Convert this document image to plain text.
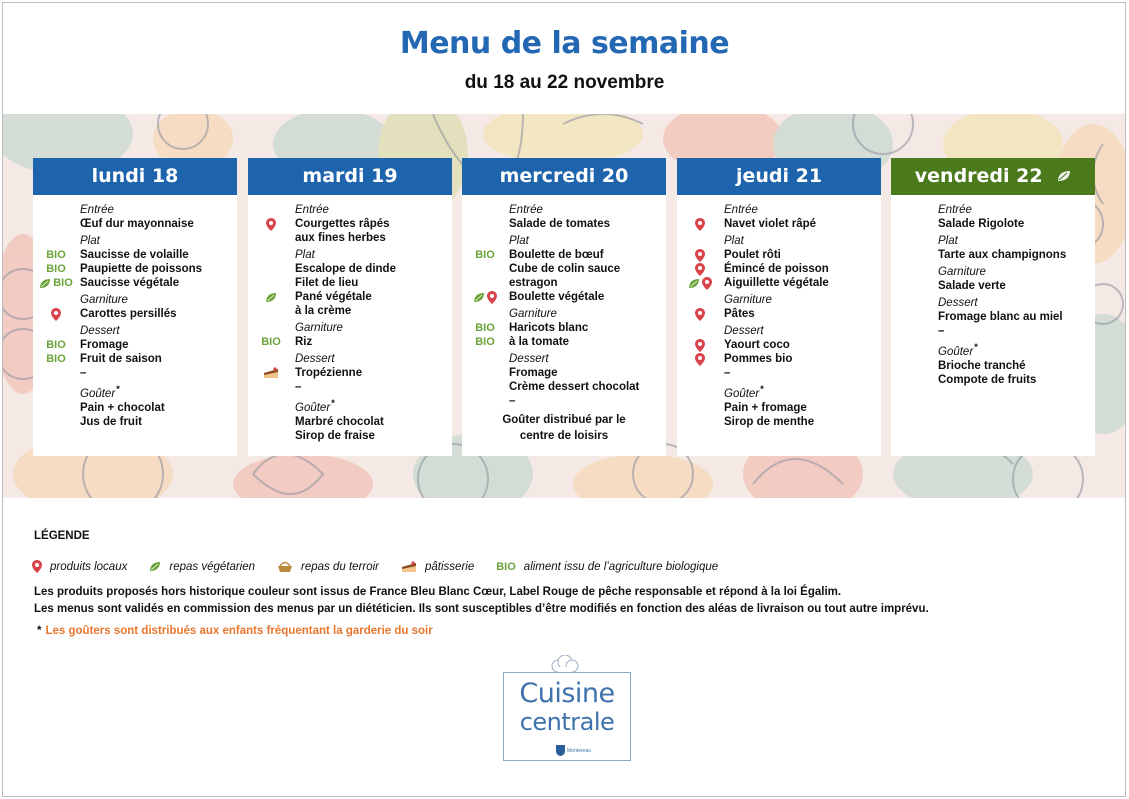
Menu de la semaine
du 18 au 22 novembre
lundi 18
Entrée
Œuf dur mayonnaise
Plat
BIO Saucisse de volaille
BIO Paupiette de poissons
BIO Saucisse végétale
Garniture
Carottes persillés
Dessert
BIO Fromage
BIO Fruit de saison
–
Goûter*
Pain + chocolat
Jus de fruit
mardi 19
Entrée
Courgettes râpés
aux fines herbes
Plat
Escalope de dinde
Filet de lieu
Pané végétale
à la crème
Garniture
BIO Riz
Dessert
Tropézienne
–
Goûter*
Marbré chocolat
Sirop de fraise
mercredi 20
Entrée
Salade de tomates
Plat
BIO Boulette de bœuf
Cube de colin sauce
estragon
Boulette végétale
Garniture
BIO Haricots blanc
BIO à la tomate
Dessert
Fromage
Crème dessert chocolat
–
Goûter distribué par le
centre de loisirs
jeudi 21
Entrée
Navet violet râpé
Plat
Poulet rôti
Émincé de poisson
Aiguillette végétale
Garniture
Pâtes
Dessert
Yaourt coco
Pommes bio
–
Goûter*
Pain + fromage
Sirop de menthe
vendredi 22
Entrée
Salade Rigolote
Plat
Tarte aux champignons
Garniture
Salade verte
Dessert
Fromage blanc au miel
–
Goûter*
Brioche tranché
Compote de fruits
LÉGENDE
produits locaux	repas végétarien	repas du terroir	pâtisserie BIO aliment issu de l’agriculture biologique
Les produits proposés hors historique couleur sont issus de France Bleu Blanc Cœur, Label Rouge de pêche responsable et répond à la loi Égalim.
Les menus sont validés en commission des menus par un diététicien. Ils sont susceptibles d’être modifiés en fonction des aléas de livraison ou tout autre imprévu.
* Les goûters sont distribués aux enfants fréquentant la garderie du soir
Cuisine
centrale
Montereau
